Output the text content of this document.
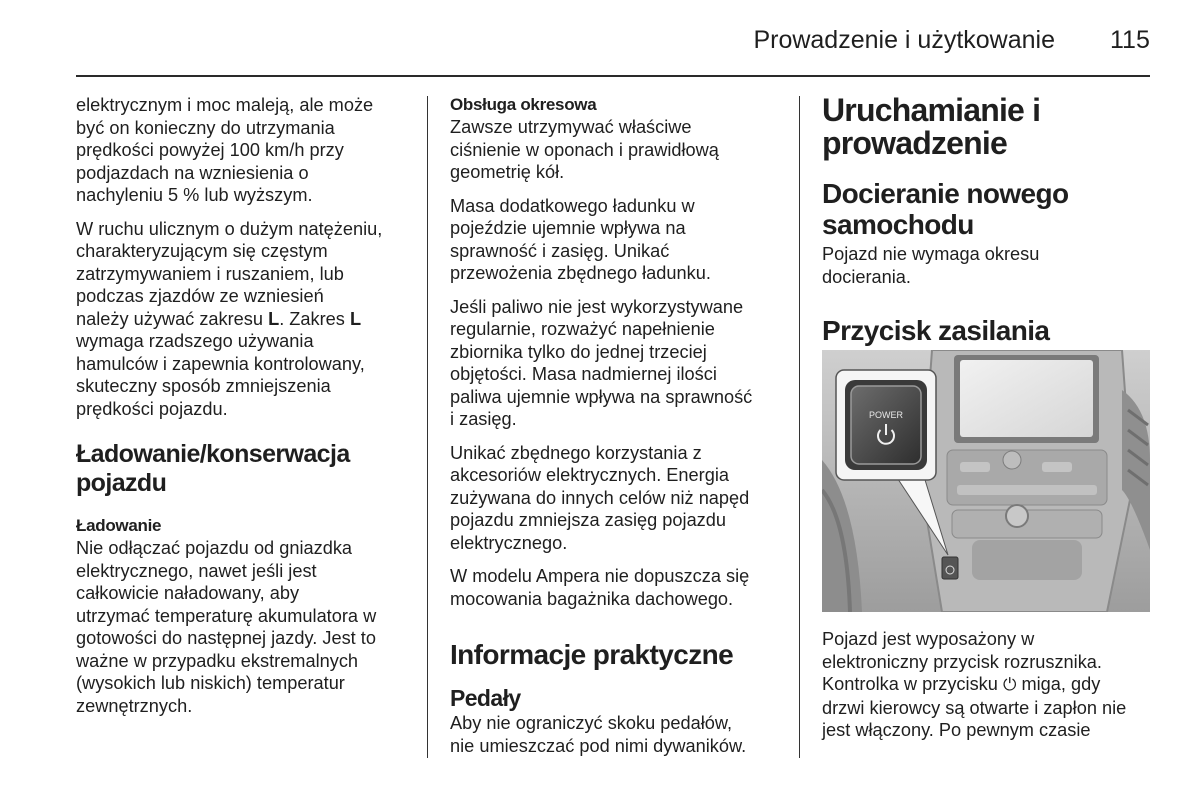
Prowadzenie i użytkowanie 115

elektrycznym i moc maleją, ale może
być on konieczny do utrzymania
prędkości powyżej 100 km/h przy
podjazdach na wzniesienia o
nachyleniu 5 % lub wyższym.

W ruchu ulicznym o dużym natężeniu,
charakteryzującym się częstym
zatrzymywaniem i ruszaniem, lub
podczas zjazdów ze wzniesień
należy używać zakresu L. Zakres L
wymaga rzadszego używania
hamulców i zapewnia kontrolowany,
skuteczny sposób zmniejszenia
prędkości pojazdu.

Ładowanie/konserwacja
pojazdu
Ładowanie

Nie odłączać pojazdu od gniazdka
elektrycznego, nawet jeśli jest
całkowicie naładowany, aby
utrzymać temperaturę akumulatora w
gotowości do następnej jazdy. Jest to
ważne w przypadku ekstremalnych
(wysokich lub niskich) temperatur
zewnętrznych.

Obsługa okresowa

Zawsze utrzymywać właściwe
ciśnienie w oponach i prawidłową
geometrię kół.

Masa dodatkowego ładunku w
pojeździe ujemnie wpływa na
sprawność i zasięg. Unikać
przewożenia zbędnego ładunku.

Jeśli paliwo nie jest wykorzystywane
regularnie, rozważyć napełnienie
zbiornika tylko do jednej trzeciej
objętości. Masa nadmiernej ilości
paliwa ujemnie wpływa na sprawność
i zasięg.

Unikać zbędnego korzystania z
akcesoriów elektrycznych. Energia
zużywana do innych celów niż napęd
pojazdu zmniejsza zasięg pojazdu
elektrycznego.

W modelu Ampera nie dopuszcza się
mocowania bagażnika dachowego.

Informacje praktyczne
Pedały

Aby nie ograniczyć skoku pedałów,
nie umieszczać pod nimi dywaników.

Uruchamianie i
prowadzenie
Docieranie nowego
samochodu

Pojazd nie wymaga okresu
docierania.

Przycisk zasilania
POWER

Pojazd jest wyposażony w
elektroniczny przycisk rozrusznika.
Kontrolka w przycisku ⏻ miga, gdy
drzwi kierowcy są otwarte i zapłon nie
jest włączony. Po pewnym czasie
